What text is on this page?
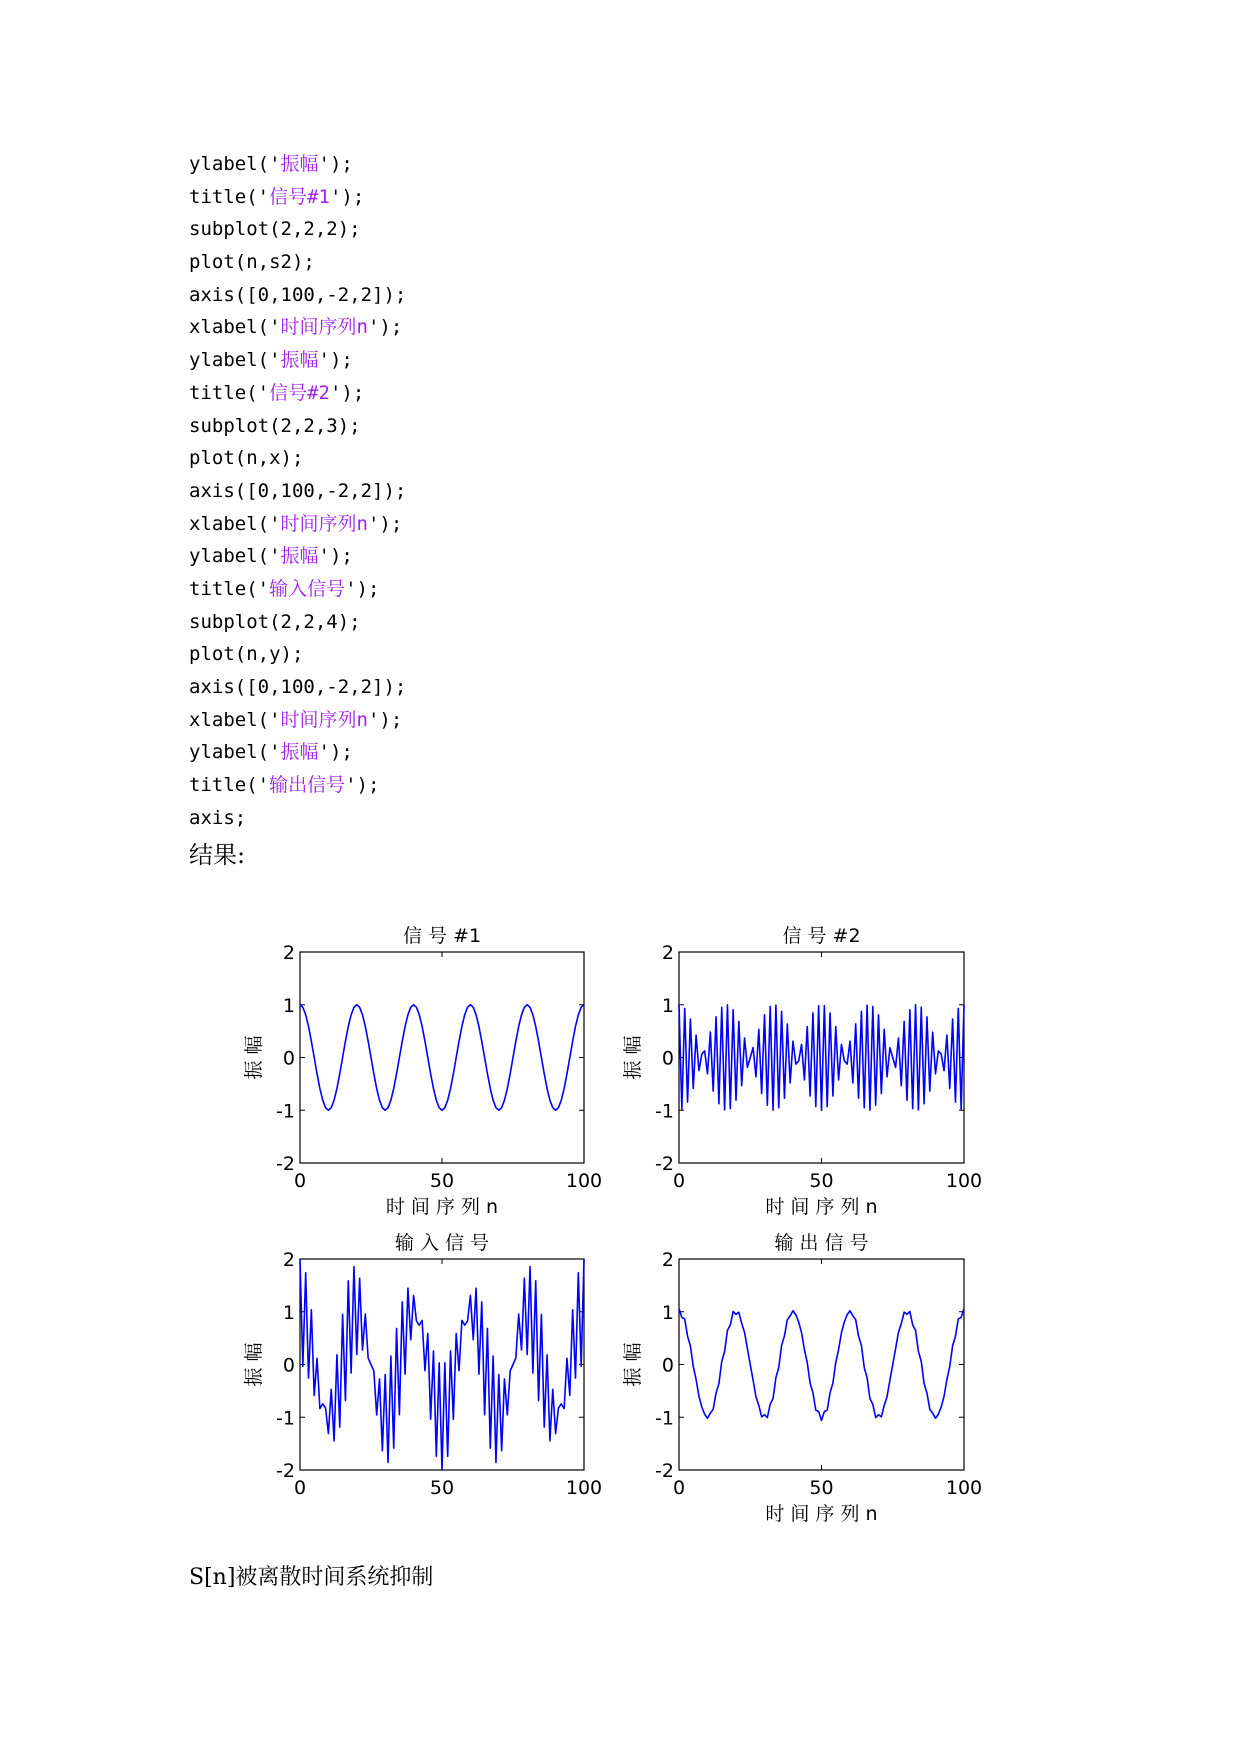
ylabel('振幅');
title('信号#1');
subplot(2,2,2);
plot(n,s2);
axis([0,100,-2,2]);
xlabel('时间序列n');
ylabel('振幅');
title('信号#2');
subplot(2,2,3);
plot(n,x);
axis([0,100,-2,2]);
xlabel('时间序列n');
ylabel('振幅');
title('输入信号');
subplot(2,2,4);
plot(n,y);
axis([0,100,-2,2]);
xlabel('时间序列n');
ylabel('振幅');
title('输出信号');
axis;
结果:
2
1
0
-1
-2
0	50	100
信 号 #1
时 间 序 列 n
振 幅
2
1
0
-1
-2
0	50	100
信 号 #2
时 间 序 列 n
振 幅
2
1
0
-1
-2
0	50	100
输 入 信 号
振 幅
2
1
0
-1
-2
0	50	100
输 出 信 号
时 间 序 列 n
振 幅
S[n]被离散时间系统抑制
